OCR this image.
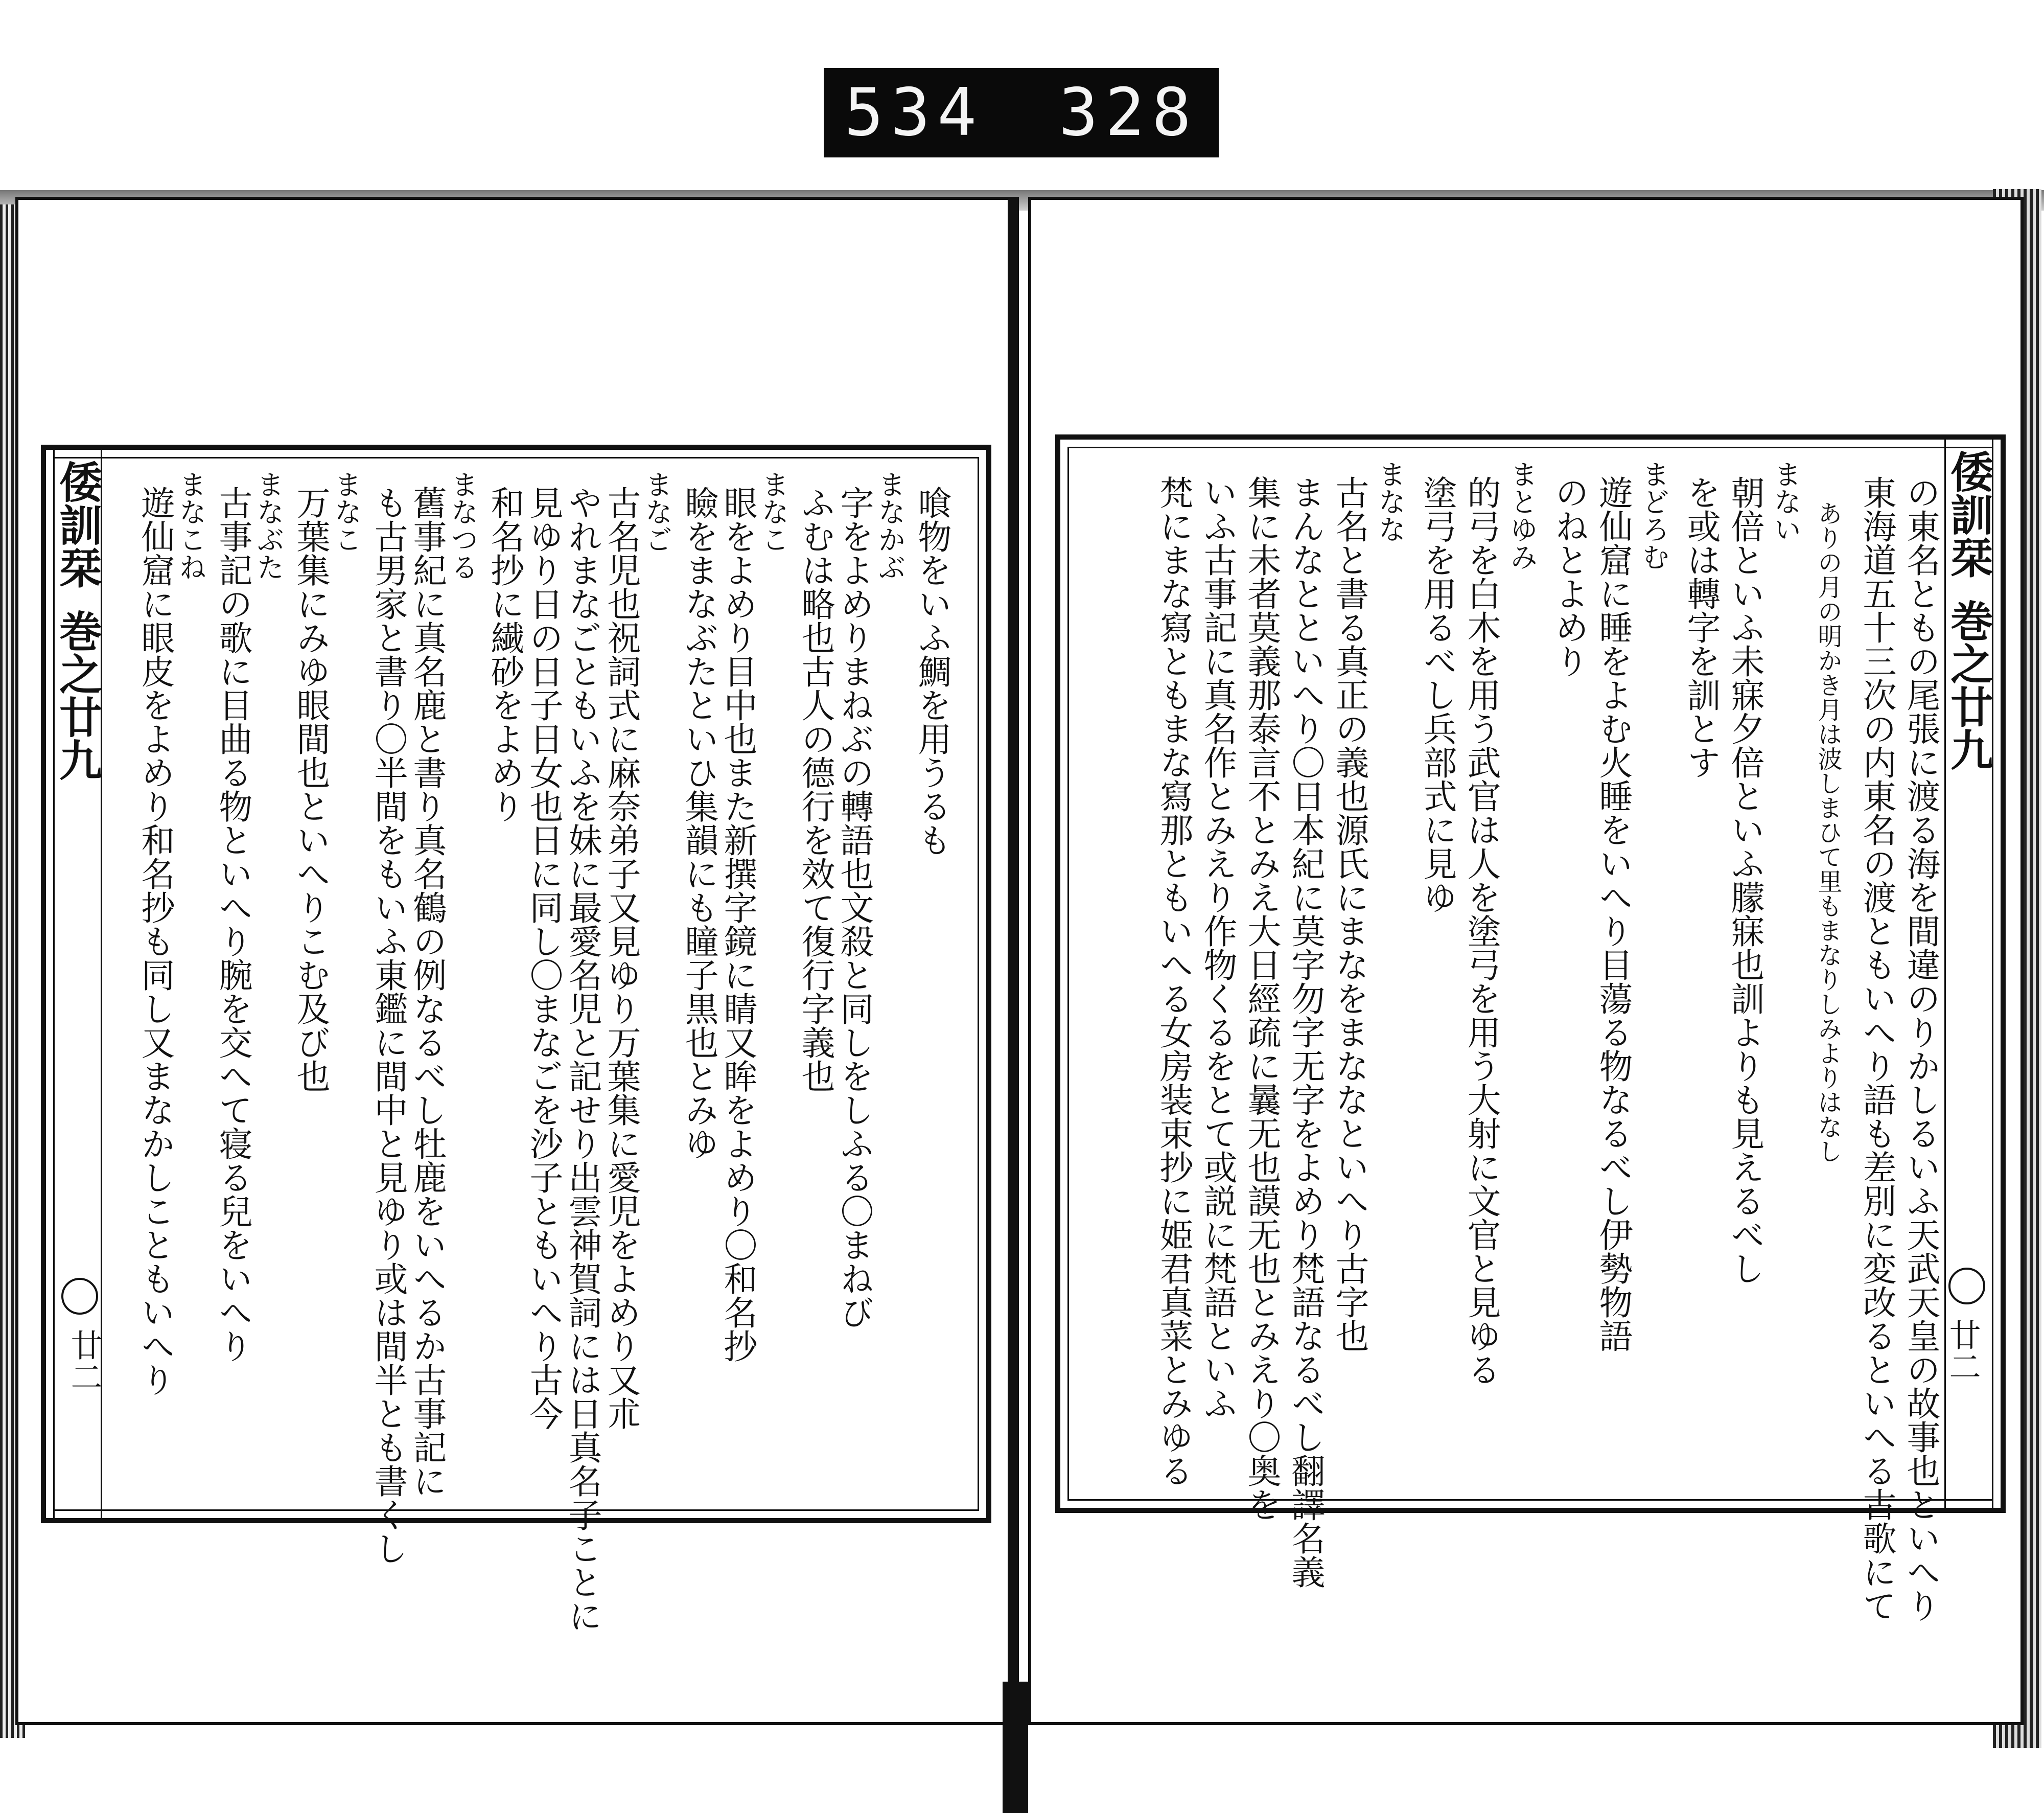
534 328
倭訓栞
巻之廿九
廿二
喰物をいふ鯛を用うるも
まなかぶ
字をよめりまねぶの轉語也文殺と同しをしふる〇まねび
ふむは略也古人の德行を效て復行字義也
まなこ
眼をよめり目中也また新撰字鏡に睛又眸をよめり〇和名抄
瞼をまなぶたといひ集韻にも瞳子黒也とみゆ
まなご
古名児也祝詞式に麻奈弟子又見ゆり万葉集に愛児をよめり又朮
やれまなごともいふを妹に最愛名児と記せり出雲神賀詞には日真名子ことに
見ゆり日の日子日女也日に同し〇まなごを沙子ともいへり古今
和名抄に繊砂をよめり
まなつる
舊事紀に真名鹿と書り真名鶴の例なるべし牡鹿をいへるか古事記に
も古男家と書り〇半間をもいふ東鑑に間中と見ゆり或は間半とも書くし
まなこ
万葉集にみゆ眼間也といへりこむ及び也
まなぶた
古事記の歌に目曲る物といへり腕を交へて寝る兒をいへり
まなこね
遊仙窟に眼皮をよめり和名抄も同し又まなかしこともいへり	倭訓栞
巻之廿九
廿二
の東名ともの尾張に渡る海を間違のりかしるいふ天武天皇の故事也といへり
東海道五十三次の内東名の渡ともいへり語も差別に変改るといへる古歌にて
ありの月の明かき月は波しまひて里もまなりしみよりはなし
まない
朝倍といふ未寐夕倍といふ朦寐也訓よりも見えるべし
を或は轉字を訓とす
まどろむ
遊仙窟に睡をよむ火睡をいへり目蕩る物なるべし伊勢物語
のねとよめり
まとゆみ
的弓を白木を用う武官は人を塗弓を用う大射に文官と見ゆる
塗弓を用るべし兵部式に見ゆ
まなな
古名と書る真正の義也源氏にまなをまななといへり古字也
まんなとといへり〇日本紀に莫字勿字无字をよめり梵語なるべし翻譯名義
集に未者莫義那泰言不とみえ大日經疏に曩无也謨无也とみえり〇奥を
いふ古事記に真名作とみえり作物くるをとて或説に梵語といふ
梵にまな寫ともまな寫那ともいへる女房装束抄に姫君真菜とみゆる
